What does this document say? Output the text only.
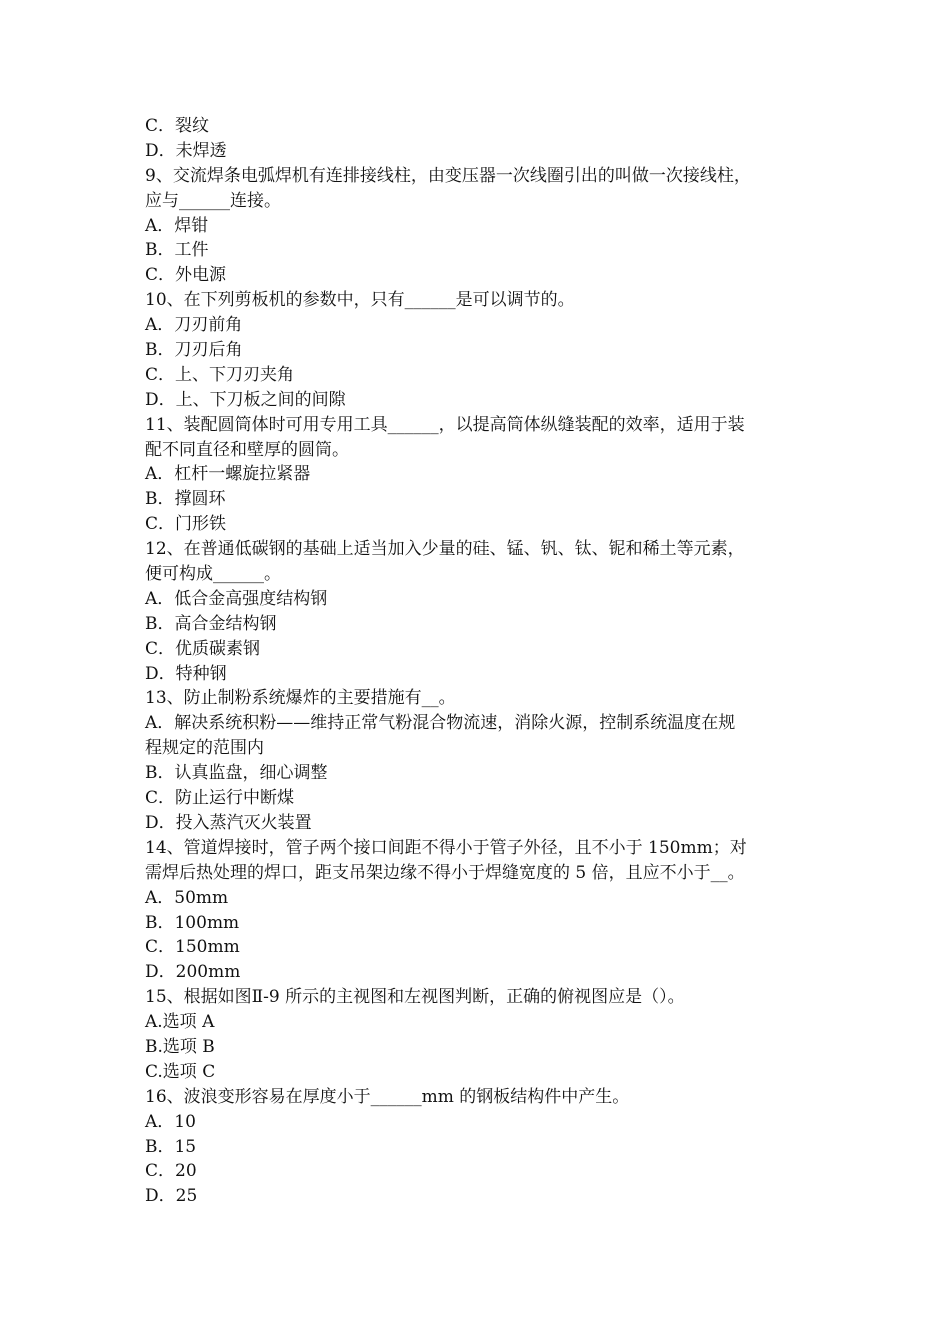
C．裂纹
D．未焊透
9、交流焊条电弧焊机有连排接线柱，由变压器一次线圈引出的叫做一次接线柱，
应与______连接。
A．焊钳
B．工件
C．外电源
10、在下列剪板机的参数中，只有______是可以调节的。
A．刀刃前角
B．刀刃后角
C．上、下刀刃夹角
D．上、下刀板之间的间隙
11、装配圆筒体时可用专用工具______，以提高筒体纵缝装配的效率，适用于装
配不同直径和壁厚的圆筒。
A．杠杆一螺旋拉紧器
B．撑圆环
C．门形铁
12、在普通低碳钢的基础上适当加入少量的硅、锰、钒、钛、铌和稀土等元素，
便可构成______。
A．低合金高强度结构钢
B．高合金结构钢
C．优质碳素钢
D．特种钢
13、防止制粉系统爆炸的主要措施有__。
A．解决系统积粉——维持正常气粉混合物流速，消除火源，控制系统温度在规
程规定的范围内
B．认真监盘，细心调整
C．防止运行中断煤
D．投入蒸汽灭火装置
14、管道焊接时，管子两个接口间距不得小于管子外径，且不小于 150mm；对
需焊后热处理的焊口，距支吊架边缘不得小于焊缝宽度的 5 倍，且应不小于__。
A．50mm
B．100mm
C．150mm
D．200mm
15、根据如图Ⅱ-9 所示的主视图和左视图判断，正确的俯视图应是（）。
A.选项 A
B.选项 B
C.选项 C
16、波浪变形容易在厚度小于______mm 的钢板结构件中产生。
A．10
B．15
C．20
D．25
